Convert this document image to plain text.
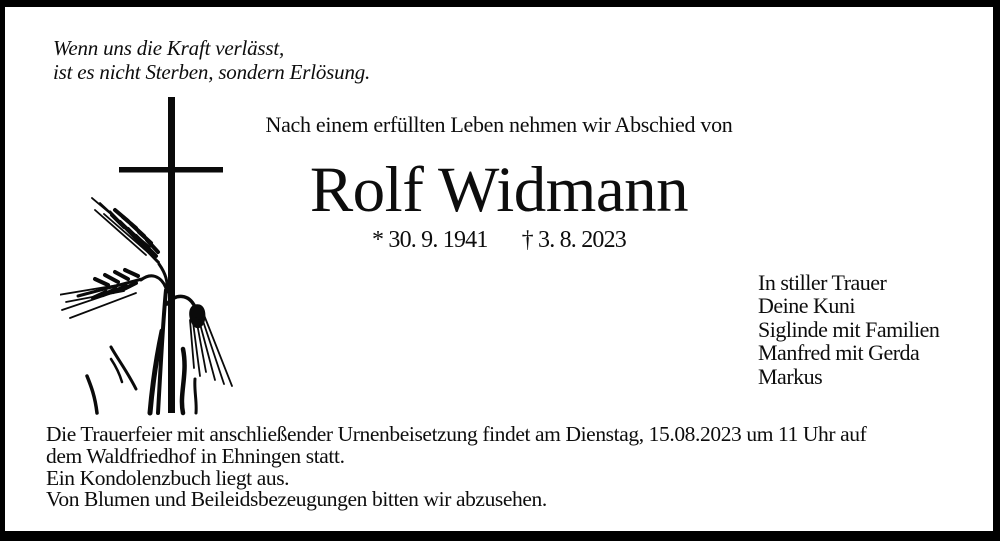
Wenn uns die Kraft verlässt,
ist es nicht Sterben, sondern Erlösung.
Nach einem erfüllten Leben nehmen wir Abschied von
Rolf Widmann
* 30. 9. 1941 † 3. 8. 2023
In stiller Trauer
Deine Kuni
Siglinde mit Familien
Manfred mit Gerda
Markus
Die Trauerfeier mit anschließender Urnenbeisetzung findet am Dienstag, 15.08.2023 um 11 Uhr auf
dem Waldfriedhof in Ehningen statt.
Ein Kondolenzbuch liegt aus.
Von Blumen und Beileidsbezeugungen bitten wir abzusehen.
